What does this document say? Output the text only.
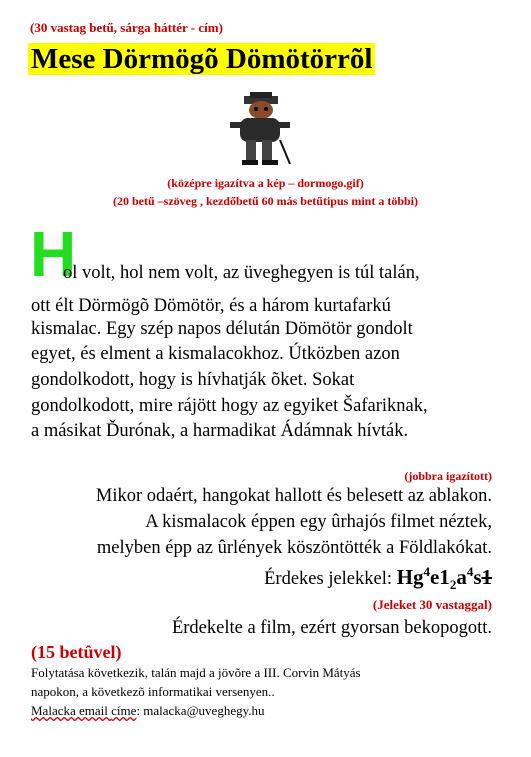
(30 vastag betű, sárga háttér - cím)
Mese Dörmögõ Dömötörrõl
(középre igazítva a kép – dormogo.gif)
(20 betű –szöveg , kezdőbetű 60 más betűtipus mint a többi)
H
ol volt, hol nem volt, az üveghegyen is túl talán,
ott élt Dörmögõ Dömötör, és a három kurtafarkú
kismalac. Egy szép napos délután Dömötör gondolt
egyet, és elment a kismalacokhoz. Útközben azon
gondolkodott, hogy is hívhatják õket. Sokat
gondolkodott, mire rájött hogy az egyiket Šafariknak,
a másikat Ďurónak, a harmadikat Ádámnak hívták.
(jobbra igazított)
Mikor odaért, hangokat hallott és belesett az ablakon.
A kismalacok éppen egy ûrhajós filmet néztek,
melyben épp az ûrlények köszöntötték a Földlakókat.
Érdekes jelekkel: $Hg^4e1_2a^4s1$
(Jeleket 30 vastaggal)
Érdekelte a film, ezért gyorsan bekopogott.
(15 betûvel)
Folytatása következik, talán majd a jövõre a III. Corvin Mátyás
napokon, a következõ informatikai versenyen..
Malacka email címe: malacka@uveghegy.hu
